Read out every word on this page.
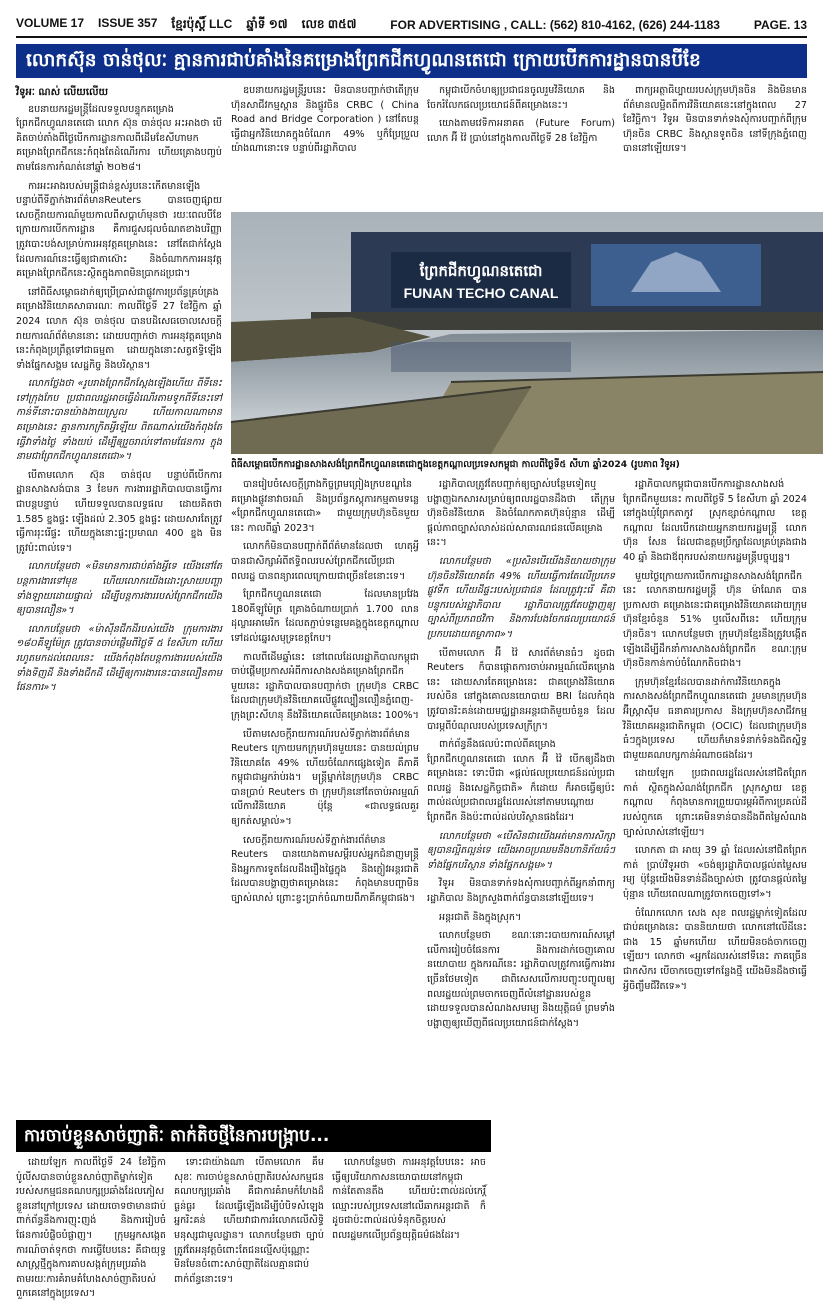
VOLUME 17 ISSUE 357 ខ្មែរប៉ុស្ដិ៍ LLC ឆ្នាំទី ១៧ លេខ ៣៥៧	FOR ADVERTISING , CALL: (562) 810-4162, (626) 244-1183	PAGE. 13
លោកស៊ុន ចាន់ថុលៈ គ្មានការជាប់គាំងនៃគម្រោងព្រែកជីកហ្វូណនតេជោ ក្រោយបើកការដ្ឋានបានបីខែ
វិទូអៈ ណស់ លើយលើយ

ឧបនាយករដ្ឋមន្ត្រីដែលទទួលបន្ទុកគម្រោងព្រែកជីកហ្វូណនតេជោ លោក ស៊ុន ចាន់ថុល អះអាងថា បើគិតចាប់តាំងពីថ្ងៃបើកការដ្ឋានកាលពីដើមខែសីហាមក គម្រោងព្រែកជីកនេះកំពុងតែដំណើរការ ហើយគ្រោងបញ្ចប់តាមផែនការកំណត់នៅឆ្នាំ ២០២៨។

ការអះអាងរបស់មន្ត្រីជាន់ខ្ពស់រូបនេះកើតមានឡើង បន្ទាប់ពីទីភ្នាក់ងារព័ត៌មានReuters បានចេញផ្សាយសេចក្ដីរាយការណ៍មួយកាលពីសប្ដាហ៍មុនថា រយៈពេលបីខែក្រោយការបើកការដ្ឋាន គឺការជួសជុលចំណតខាងបរិញ្ញា ត្រូវបោះបង់សម្រាប់ការអនុវត្តគម្រោងនេះ នៅតែជាក់ស្ដែង ដែលការណ៍នេះធ្វើឲ្យជាតាស៊ោះ និងចំណាកការអនុវត្តគម្រោងព្រែកជីកនេះស្ថិតក្នុងភាពមិនប្រាកដប្រជា។

នៅពិធីសម្ពោធដាក់ឲ្យប្រើប្រាស់ជាផ្លូវការប្រព័ន្ធគ្រប់គ្រងគម្រោងវិនិយោគសាធារណៈ កាលពីថ្ងៃទី 27 ខែវិច្ឆិកា ឆ្នាំ 2024 លោក ស៊ុន ចាន់ថុល បានបដិសេធចោលសេចក្ដីរាយការណ៍ព័ត៌មាននោះ ដោយបញ្ជាក់ថា ការអនុវត្តគម្រោងនេះកំពុងប្រព្រឹត្តទៅជាធម្មតា ដោយក្នុងនោះសត្វឥទ្ធិឡើង ទាំងផ្នែកសង្គម សេដ្ឋកិច្ច និងបរិស្ថាន។

លោកថ្លែងថា «រូបរាងព្រែកជីកស្ដែងឡើងហើយ ពីទីនេះទៅក្រុងកែប ប្រជាពលរដ្ឋអាចធ្វើដំណើរតាមទូកពីទីនេះទៅកាន់ទីនោះបានយ៉ាងងាយស្រួល ហើយកាលណាមានគម្រោងនេះ គ្មានការកក្រិតអ្វីឡើយ ពិតណាស់យើងកំពុងតែធ្វើវាទាំងថ្ងៃ ទាំងយប់ ដើម្បីឲ្យរួចរាល់ទៅតាមផែនការ ក្នុងនាមជាព្រែកជីកហ្វូណនតេជោ»។

បើតាមលោក ស៊ុន ចាន់ថុល បន្ទាប់ពីបើកការដ្ឋានសាងសង់បាន 3 ខែមក ការងាររដ្ឋាភិបាលបានធ្វើការជាបន្តបន្ទាប់ ហើយទទួលបានលទ្ធផល ដោយគិតថា 1.585 ខ្នងផ្ទះ ឡើងដល់ 2.305 ខ្នងផ្ទះ ដោយសារតែត្រូវធ្វើការរុះរើផ្ទះ ហើយក្នុងនោះផ្ទះប្រមាណ 400 ខ្នង មិនត្រូវប៉ះពាល់ទេ។

លោកបន្ថែមថា «មិនមានការជាប់គាំងអ្វីទេ យើងនៅតែបន្តការងារទៅមុខ ហើយលោកយើងដោះស្រាយបញ្ហាទាំងឡាយដោយផ្ទាល់ ដើម្បីបន្តការងាររបស់ព្រែកជីកយើងឲ្យបានលឿន»។

លោកបន្ថែមថា «ម៉ាស៊ីនជីកដីរបស់យើង ក្រុមការងារ ១៨០គីឡូម៉ែត្រ ត្រូវបានចាប់ផ្ដើមពីថ្ងៃទី ៥ ខែសីហា ហើយរហូតមកដល់ពេលនេះ យើងកំពុងតែបន្តការងាររបស់យើងទាំងទិញដី និងទាំងជីកដី ដើម្បីឲ្យការងារនេះបានលឿនតាមផែនការ»។

ឧបនាយករដ្ឋមន្ត្រីរូបនេះ មិនបានបញ្ជាក់ថាតើក្រុមហ៊ុនសាជីវកម្មស្ពាន និងផ្លូវចិន CRBC ( China Road and Bridge Corporation ) នៅតែបន្តធ្វើជាអ្នកវិនិយោគក្នុងចំណែក 49% ឬក៏ប្រែប្រួលយ៉ាងណានោះទេ បន្ទាប់ពីរដ្ឋាភិបាល

កម្ពុជាបើកចំហឲ្យប្រជាជនចូលរួមវិនិយោគ និងចែករំលែកផលប្រយោជន៍ពីគម្រោងនេះ។

យោងតាមវេទិកាអនាគត (Future Forum) លោក អ៊ី វ៉ៃ ប្រាប់នៅក្នុងកាលពីថ្ងៃទី 28 ខែវិច្ឆិកា

ពាក្យអត្ថាធិប្បាយរបស់ក្រុមហ៊ុនចិន និងមិនមានព័ត៌មានលម្អិតពីការវិនិយោគនេះនៅក្នុងពេល 27 ខែវិច្ឆិកា។ វិទូអ មិនបានទាក់ទងសុំការបញ្ជាក់ពីក្រុមហ៊ុនចិន CRBC និងស្ថានទូតចិន នៅទីក្រុងភ្នំពេញបាននៅឡើយទេ។

ព្រែកជីកហ្វូណនតេជោ
FUNAN TECHO CANAL
ពិធីសម្ពោធបើកការដ្ឋានសាងសង់ព្រែកជីកហ្វូណនតេជោក្នុងខេត្តកណ្ដាលប្រទេសកម្ពុជា កាលពីថ្ងៃទី៥ សីហា ឆ្នាំ2024 (រូបភាព វិទូអ)

បានរៀបចំសេចក្ដីព្រាងកិច្ចព្រមព្រៀងក្របខណ្ឌនៃគម្រោងផ្លូវនាវាចរណ៍ និងប្រព័ន្ធភស្តុភារកម្មតាមទន្លេ «ព្រែកជីកហ្វូណនតេជោ» ជាមួយក្រុមហ៊ុនចិនមួយនេះ កាលពីឆ្នាំ 2023។

លោកក៏មិនបានបញ្ជាក់ពីព័ត៌មានដែលថា ហេតុអ្វីបានជាសិក្សាអំពីឥទ្ធិពលរបស់ព្រែកជីកលើប្រជាពលរដ្ឋ បានពន្យារពេលក្រោយជាច្រើនខែនោះទេ។

ព្រែកជីកហ្វូណនតេជោ ដែលមានប្រវែង 180គីឡូម៉ែត្រ គ្រោងចំណាយប្រាក់ 1.700 លានដុល្លារអាមេរិក ដែលតភ្ជាប់ទន្លេមេគង្គក្នុងខេត្តកណ្ដាល ទៅដល់ឆ្នេរសមុទ្រខេត្តកែប។

កាលពីដើមឆ្នាំនេះ នៅពេលដែលរដ្ឋាភិបាលកម្ពុជាចាប់ផ្ដើមប្រកាសអំពីការសាងសង់គម្រោងព្រែកជីកមួយនេះ រដ្ឋាភិបាលបានបញ្ជាក់ថា ក្រុមហ៊ុន CRBC ដែលជាក្រុមហ៊ុនវិនិយោគលើផ្លូវល្បឿនលឿនភ្នំពេញ-ក្រុងព្រះសីហនុ នឹងវិនិយោគលើគម្រោងនេះ 100%។

បើតាមសេចក្ដីរាយការណ៍របស់ទីភ្នាក់ងារព័ត៌មាន Reuters ក្រោយមកក្រុមហ៊ុនមួយនេះ បានយល់ព្រមវិនិយោគតែ 49% ហើយចំណែកផ្សេងទៀត គឺភាគីកម្ពុជាជាអ្នករ៉ាប់រង។ មន្ត្រីម្នាក់នៃក្រុមហ៊ុន CRBC បានប្រាប់ Reuters ថា ក្រុមហ៊ុននៅតែចាប់អារម្មណ៍ លើការវិនិយោគ ប៉ុន្តែ «ជាលទ្ធផលគួរឲ្យកត់សម្គាល់»។

សេចក្ដីរាយការណ៍របស់ទីភ្នាក់ងារព័ត៌មាន Reuters បានយោងតាមសម្ដីរបស់អ្នកជំនាញមន្ត្រី និងអ្នកការទូតដែលដឹងរឿងផ្ទៃក្នុង និងភ្ញៀវអន្តរជាតិ ដែលបានបង្ហាញថាគម្រោងនេះ កំពុងមានបញ្ហាមិនច្បាស់លាស់ ព្រោះខ្វះប្រាក់ចំណាយពីភាគីកម្ពុជាផង។

រដ្ឋាភិបាលត្រូវតែបញ្ជាក់ឲ្យច្បាស់បន្ថែមទៀតឬបង្ហាញឯកសារសម្រាប់ឲ្យពលរដ្ឋបានដឹងថា តើក្រុមហ៊ុនចិនវិនិយោគ និងចំណែកភាគហ៊ុនប៉ុន្មាន ដើម្បីផ្ដល់ភាពច្បាស់លាស់ដល់សាធារណជនលើគម្រោងនេះ។

លោកបន្ថែមថា «ប្រសិនបើយើងនិយាយថាក្រុមហ៊ុនចិនវិនិយោគតែ 49% ហើយធ្វើការតែលើប្រភេទផ្លូវទឹក ហើយដីផ្ទះរបស់ប្រជាជន ដែលត្រូវរុះរើ គឺជាបន្ទុករបស់រដ្ឋាភិបាល រដ្ឋាភិបាលត្រូវតែបង្ហាញឲ្យច្បាស់ពីប្រភពថវិកា និងការបែងចែកផលប្រយោជន៍ប្រកបដោយតម្លាភាព»។

បើតាមលោក អ៊ី វ៉ៃ សារព័ត៌មានធំៗ ដូចជា Reuters ក៏បានផ្ដោតការចាប់អារម្មណ៍លើគម្រោងនេះ ដោយសារតែគម្រោងនេះ ជាគម្រោងវិនិយោគរបស់ចិន នៅក្នុងគោលនយោបាយ BRI ដែលកំពុងត្រូវបានរិះគន់ដោយមជ្ឈដ្ឋានអន្តរជាតិមួយចំនួន ដែលបារម្ភពីបំណុលរបស់ប្រទេសក្រីក្រ។

ពាក់ព័ន្ធនឹងផលប៉ះពាល់ពីគម្រោងព្រែកជីកហ្វូណនតេជោ លោក អ៊ី វ៉ៃ បើកឲ្យដឹងថា គម្រោងនេះ ទោះបីជា «ផ្ដល់ផលប្រយោជន៍ដល់ប្រជាពលរដ្ឋ និងសេដ្ឋកិច្ចជាតិ» ក៏ដោយ ក៏អាចធ្វើឲ្យប៉ះពាល់ដល់ប្រជាពលរដ្ឋដែលរស់នៅតាមបណ្ដោយព្រែកជីក និងប៉ះពាល់ដល់បរិស្ថានផងដែរ។

លោកបន្ថែមថា «បើសិនជាយើងអត់មានការសិក្សាឲ្យបានល្អិតល្អន់ទេ យើងអាចប្រឈមនឹងហានិភ័យធំៗ ទាំងផ្នែកបរិស្ថាន ទាំងផ្នែកសង្គម»។

វិទូអ មិនបានទាក់ទងសុំការបញ្ជាក់ពីអ្នកនាំពាក្យរដ្ឋាភិបាល និងក្រសួងពាក់ព័ន្ធបាននៅឡើយទេ។

អន្តរជាតិ និងក្នុងស្រុក។

លោកបន្ថែមថា ខណៈនោះរបាយការណ៍សម្ដៅលើការរៀបចំផែនការ និងការដាក់ចេញគោលនយោបាយ ក្នុងករណីនេះ រដ្ឋាភិបាលត្រូវការធ្វើការងារច្រើនថែមទៀត ជាពិសេសលើការបញ្ចុះបញ្ចូលឲ្យពលរដ្ឋយល់ព្រមចាកចេញពីលំនៅដ្ឋានរបស់ខ្លួន ដោយទទួលបានសំណងសមរម្យ និងយុត្តិធម៌ ព្រមទាំងបង្ហាញឲ្យឃើញពីផលប្រយោជន៍ជាក់ស្ដែង។

រដ្ឋាភិបាលកម្ពុជាបានបើកការដ្ឋានសាងសង់ព្រែកជីកមួយនេះ កាលពីថ្ងៃទី 5 ខែសីហា ឆ្នាំ 2024 នៅក្នុងឃុំព្រែកតាកូវ ស្រុកខ្សាច់កណ្ដាល ខេត្តកណ្ដាល ដែលបើកដោយអ្នកនាយករដ្ឋមន្ត្រី លោក ហ៊ុន សែន ដែលជាឧត្តមប្រឹក្សាដែលគ្រប់គ្រងជាង 40 ឆ្នាំ និងជាឪពុករបស់នាយករដ្ឋមន្ត្រីបច្ចុប្បន្ន។

មួយថ្ងៃក្រោយការបើកការដ្ឋានសាងសង់ព្រែកជីកនេះ លោកនាយករដ្ឋមន្ត្រី ហ៊ុន ម៉ាណែត បានប្រកាសថា គម្រោងនេះជាគម្រោងវិនិយោគដោយក្រុមហ៊ុនខ្មែរចំនួន 51% ឬលើសពីនេះ ហើយក្រុមហ៊ុនចិន។ លោកបន្ថែមថា ក្រុមហ៊ុនខ្មែរនឹងត្រូវបង្កើតឡើងដើម្បីដឹកនាំការសាងសង់ព្រែកជីក ខណៈក្រុមហ៊ុនចិនកាន់កាប់ចំណែកតិចជាង។

ក្រុមហ៊ុនខ្មែរដែលបានដាក់ការវិនិយោគក្នុងការសាងសង់ព្រែកជីកហ្វូណនតេជោ រួមមានក្រុមហ៊ុនអ៊ីស្ដ្រាស៊ីម ធនាគារប្រកាស និងក្រុមហ៊ុនសាជីវកម្មវិនិយោគអន្តរជាតិកម្ពុជា (OCIC) ដែលជាក្រុមហ៊ុនធំៗក្នុងប្រទេស ហើយក៏មានទំនាក់ទំនងជិតស្និទ្ធជាមួយគណបក្សកាន់អំណាចផងដែរ។

ដោយឡែក ប្រជាពលរដ្ឋដែលរស់នៅជិតព្រែកកាត់ ស្ថិតក្នុងសំណង់ព្រែកជីក ស្រុកស្វាយ ខេត្តកណ្ដាល កំពុងមានការព្រួយបារម្ភអំពីការប្រគល់ដីរបស់ពួកគេ ព្រោះគេមិនទាន់បានដឹងពីតម្លៃសំណងច្បាស់លាស់នៅឡើយ។

លោកតា ជា អាយុ 39 ឆ្នាំ ដែលរស់នៅជិតព្រែកកាត់ ប្រាប់វិទូអថា «ចង់ឲ្យរដ្ឋាភិបាលផ្ដល់តម្លៃសមរម្យ ប៉ុន្តែយើងមិនទាន់ដឹងច្បាស់ថា ត្រូវបានផ្ដល់តម្លៃប៉ុន្មាន ហើយពេលណាត្រូវចាកចេញទៅ»។

ចំណែកលោក សេង សុខ ពលរដ្ឋម្នាក់ទៀតដែលជាប់គម្រោងនេះ បាននិយាយថា លោកនៅលើដីនេះជាង 15 ឆ្នាំមកហើយ ហើយមិនចង់ចាកចេញឡើយ។ លោកថា «អ្នកដែលរស់នៅទីនេះ ភាគច្រើនជាកសិករ បើចាកចេញទៅកន្លែងថ្មី យើងមិនដឹងថាធ្វើអ្វីចិញ្ចឹមជីវិតទេ»។

ការចាប់ខ្លួនសាច់ញាតិៈ តាក់តិចថ្មីនៃការបង្ក្រាប...

ដោយឡែក កាលពីថ្ងៃទី 24 ខែវិច្ឆិកា ប៉ូលីសបានចាប់ខ្លួនសាច់ញាតិម្នាក់ទៀតរបស់សកម្មជនគណបក្សប្រឆាំងដែលភៀសខ្លួននៅក្រៅប្រទេស ដោយចោទថាមានជាប់ពាក់ព័ន្ធនឹងការញុះញង់ និងការរៀបចំផែនការបំផ្លិចបំផ្លាញ។ ក្រុមអ្នកសង្កេតការណ៍ចាត់ទុកថា ការធ្វើបែបនេះ គឺជាយុទ្ធសាស្ត្រថ្មីក្នុងការគាបសង្កត់ក្រុមប្រឆាំង តាមរយៈការគំរាមគំហែងសាច់ញាតិរបស់ពួកគេនៅក្នុងប្រទេស។

ទោះជាយ៉ាងណា បើតាមលោក គឹម សុខៈ ការចាប់ខ្លួនសាច់ញាតិរបស់សកម្មជនគណបក្សប្រឆាំង គឺជាការគំរាមកំហែងដ៏ធ្ងន់ធ្ងរ ដែលធ្វើឡើងដើម្បីបំបិទសំឡេងអ្នករិះគន់ ហើយវាជាការរំលោភលើសិទ្ធិមនុស្សជាមូលដ្ឋាន។ លោកបន្ថែមថា ច្បាប់ត្រូវតែអនុវត្តចំពោះតែជនល្មើសប៉ុណ្ណោះ មិនមែនចំពោះសាច់ញាតិដែលគ្មានជាប់ពាក់ព័ន្ធនោះទេ។

លោកបន្ថែមថា ការអនុវត្តបែបនេះ អាចធ្វើឲ្យបរិយាកាសនយោបាយនៅកម្ពុជាកាន់តែតានតឹង ហើយប៉ះពាល់ដល់កេរ្តិ៍ឈ្មោះរបស់ប្រទេសនៅលើឆាកអន្តរជាតិ ក៏ដូចជាប៉ះពាល់ដល់ទំនុកចិត្តរបស់ពលរដ្ឋមកលើប្រព័ន្ធយុត្តិធម៌ផងដែរ។
